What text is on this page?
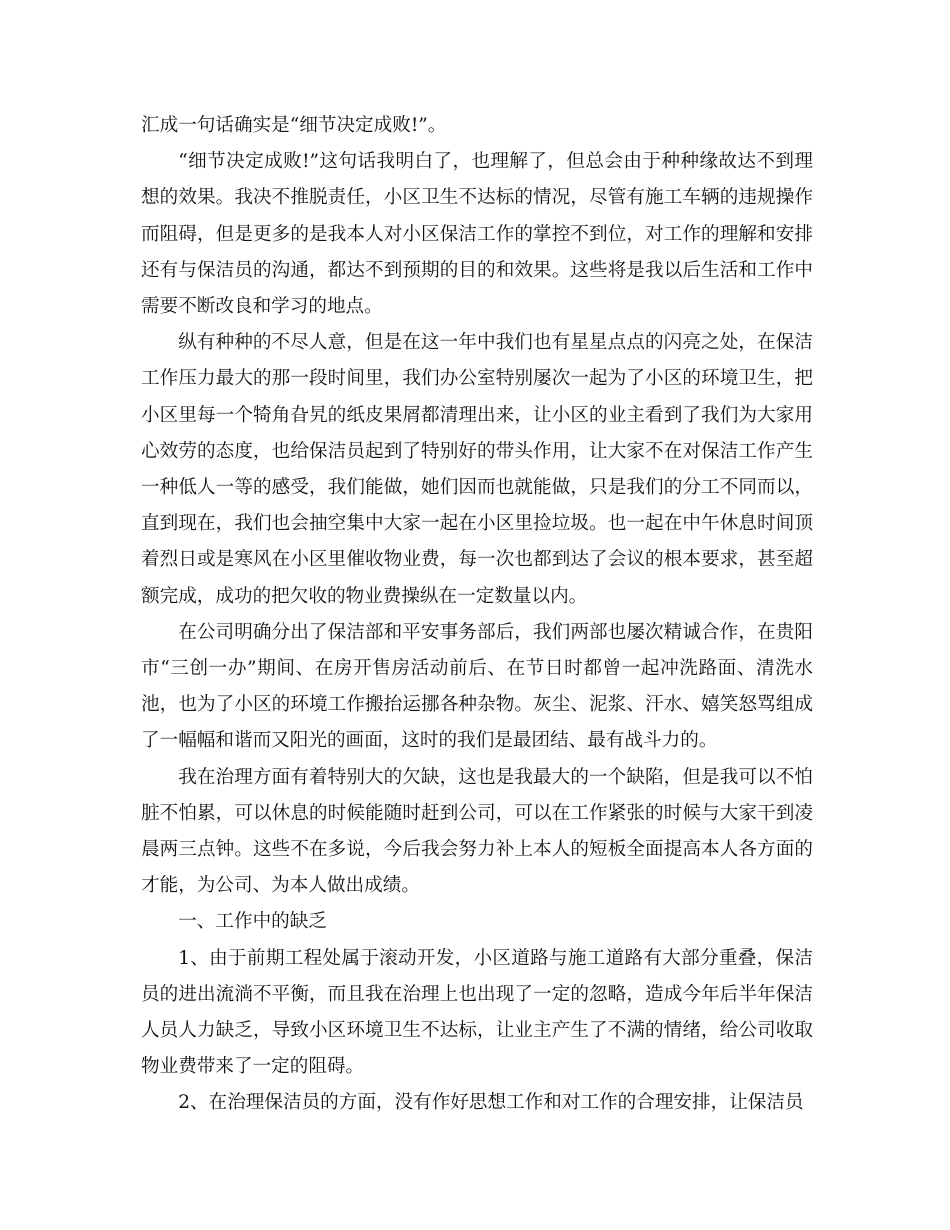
汇成一句话确实是“细节决定成败!”。

“细节决定成败!”这句话我明白了，也理解了，但总会由于种种缘故达不到理想的效果。我决不推脱责任，小区卫生不达标的情况，尽管有施工车辆的违规操作而阻碍，但是更多的是我本人对小区保洁工作的掌控不到位，对工作的理解和安排还有与保洁员的沟通，都达不到预期的目的和效果。这些将是我以后生活和工作中需要不断改良和学习的地点。

纵有种种的不尽人意，但是在这一年中我们也有星星点点的闪亮之处，在保洁工作压力最大的那一段时间里，我们办公室特别屡次一起为了小区的环境卫生，把小区里每一个犄角旮旯的纸皮果屑都清理出来，让小区的业主看到了我们为大家用心效劳的态度，也给保洁员起到了特别好的带头作用，让大家不在对保洁工作产生一种低人一等的感受，我们能做，她们因而也就能做，只是我们的分工不同而以，直到现在，我们也会抽空集中大家一起在小区里捡垃圾。也一起在中午休息时间顶着烈日或是寒风在小区里催收物业费，每一次也都到达了会议的根本要求，甚至超额完成，成功的把欠收的物业费操纵在一定数量以内。

在公司明确分出了保洁部和平安事务部后，我们两部也屡次精诚合作，在贵阳市“三创一办”期间、在房开售房活动前后、在节日时都曾一起冲洗路面、清洗水池，也为了小区的环境工作搬抬运挪各种杂物。灰尘、泥浆、汗水、嬉笑怒骂组成了一幅幅和谐而又阳光的画面，这时的我们是最团结、最有战斗力的。

我在治理方面有着特别大的欠缺，这也是我最大的一个缺陷，但是我可以不怕脏不怕累，可以休息的时候能随时赶到公司，可以在工作紧张的时候与大家干到凌晨两三点钟。这些不在多说，今后我会努力补上本人的短板全面提高本人各方面的才能，为公司、为本人做出成绩。

一、工作中的缺乏

1、由于前期工程处属于滚动开发，小区道路与施工道路有大部分重叠，保洁员的进出流淌不平衡，而且我在治理上也出现了一定的忽略，造成今年后半年保洁人员人力缺乏，导致小区环境卫生不达标，让业主产生了不满的情绪，给公司收取物业费带来了一定的阻碍。

2、在治理保洁员的方面，没有作好思想工作和对工作的合理安排，让保洁员
